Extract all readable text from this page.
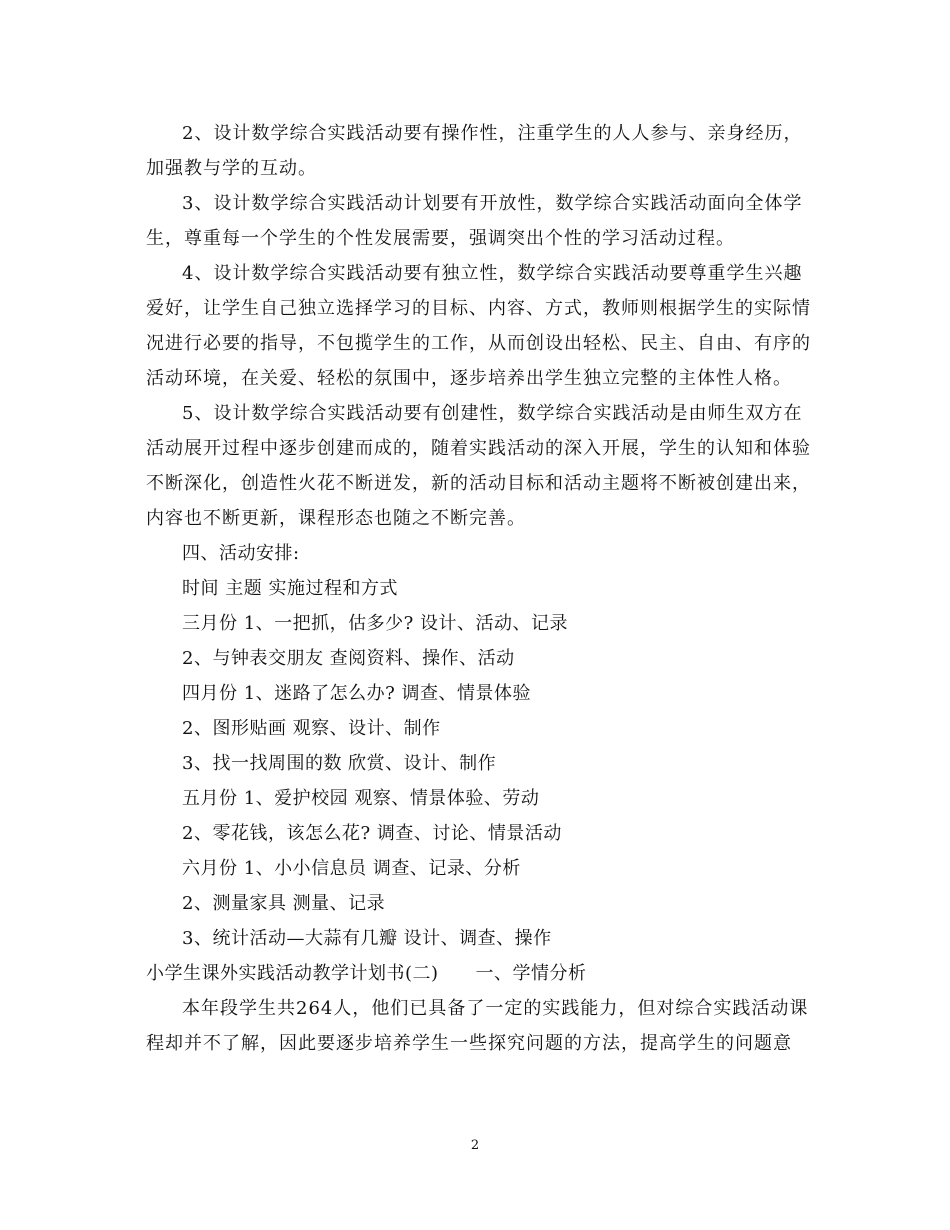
2、设计数学综合实践活动要有操作性，注重学生的人人参与、亲身经历，加强教与学的互动。

3、设计数学综合实践活动计划要有开放性，数学综合实践活动面向全体学生，尊重每一个学生的个性发展需要，强调突出个性的学习活动过程。

4、设计数学综合实践活动要有独立性，数学综合实践活动要尊重学生兴趣爱好，让学生自己独立选择学习的目标、内容、方式，教师则根据学生的实际情况进行必要的指导，不包揽学生的工作，从而创设出轻松、民主、自由、有序的活动环境，在关爱、轻松的氛围中，逐步培养出学生独立完整的主体性人格。

5、设计数学综合实践活动要有创建性，数学综合实践活动是由师生双方在活动展开过程中逐步创建而成的，随着实践活动的深入开展，学生的认知和体验不断深化，创造性火花不断迸发，新的活动目标和活动主题将不断被创建出来，内容也不断更新，课程形态也随之不断完善。

四、活动安排:

时间 主题 实施过程和方式

三月份 1、一把抓，估多少? 设计、活动、记录

2、与钟表交朋友 查阅资料、操作、活动

四月份 1、迷路了怎么办? 调查、情景体验

2、图形贴画 观察、设计、制作

3、找一找周围的数 欣赏、设计、制作

五月份 1、爱护校园 观察、情景体验、劳动

2、零花钱，该怎么花? 调查、讨论、情景活动

六月份 1、小小信息员 调查、记录、分析

2、测量家具 测量、记录

3、统计活动—大蒜有几瓣 设计、调查、操作

小学生课外实践活动教学计划书(二)　　一、学情分析

本年段学生共264人，他们已具备了一定的实践能力，但对综合实践活动课程却并不了解，因此要逐步培养学生一些探究问题的方法，提高学生的问题意

2
